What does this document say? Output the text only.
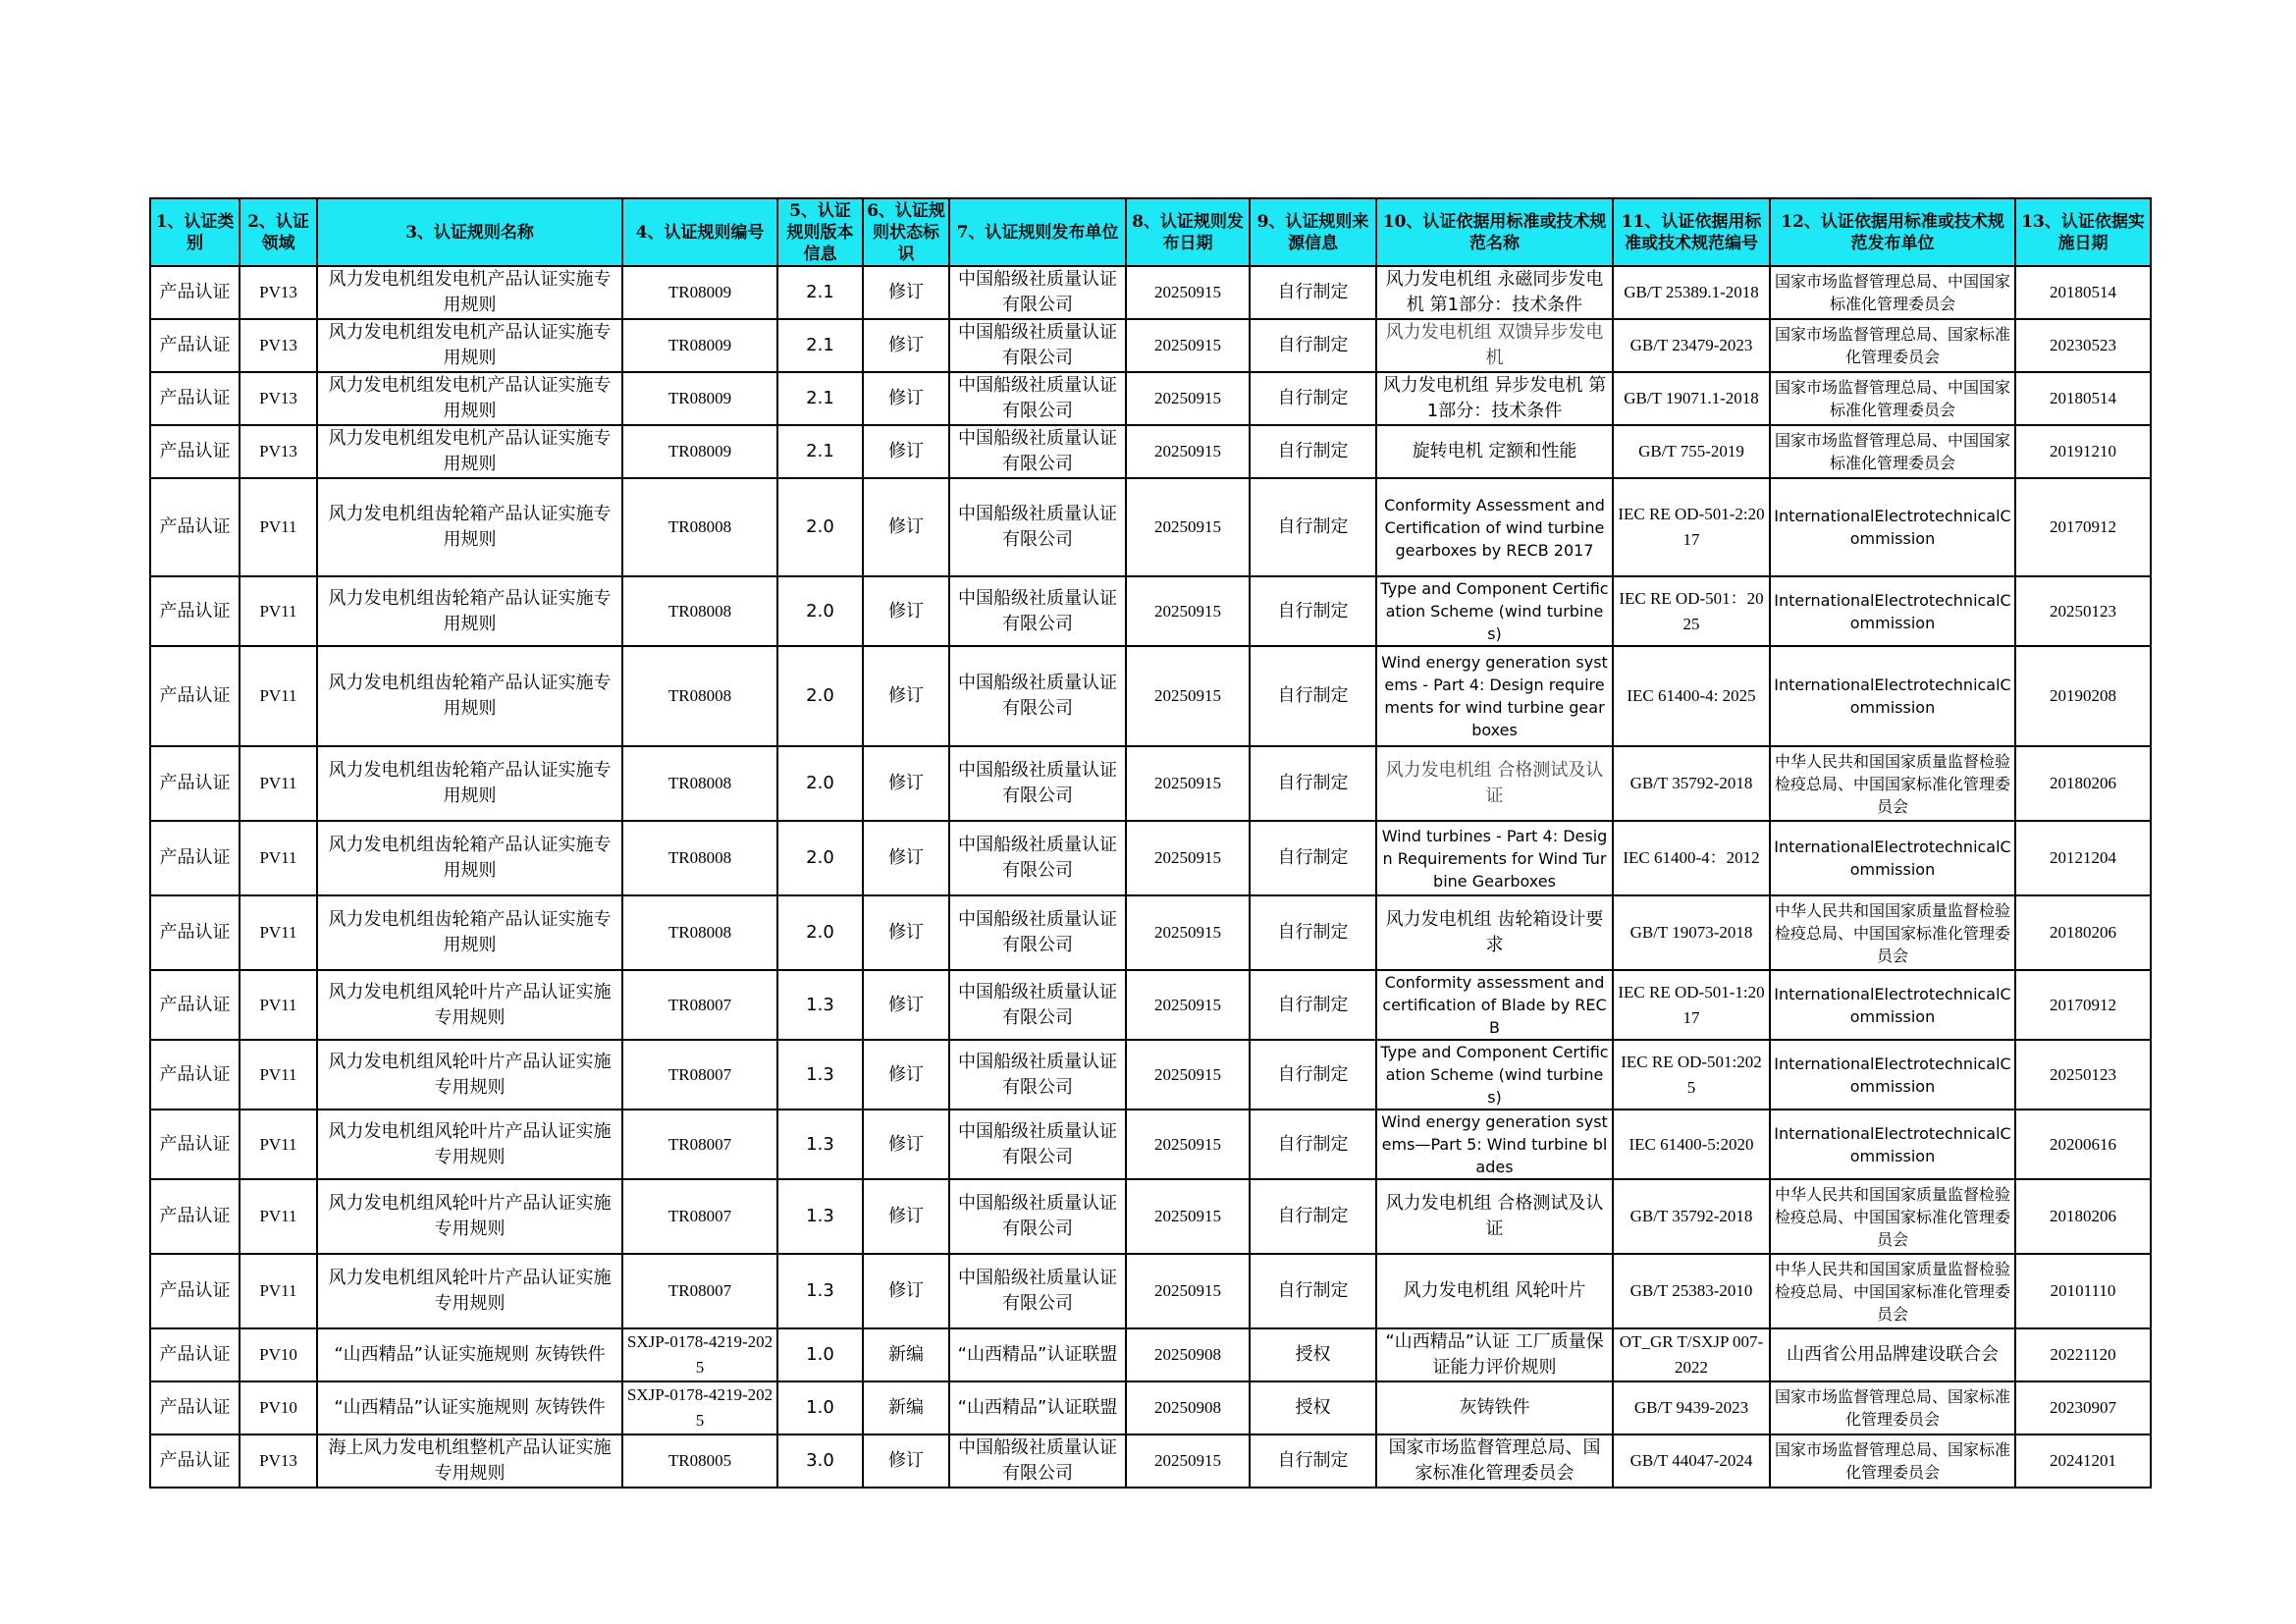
1、认证类别	2、认证领域	3、认证规则名称	4、认证规则编号	5、认证规则版本信息	6、认证规则状态标识	7、认证规则发布单位	8、认证规则发布日期	9、认证规则来源信息	10、认证依据用标准或技术规范名称	11、认证依据用标准或技术规范编号	12、认证依据用标准或技术规范发布单位	13、认证依据实施日期
产品认证	PV13	风力发电机组发电机产品认证实施专用规则	TR08009	2.1	修订	中国船级社质量认证有限公司	20250915	自行制定	风力发电机组 永磁同步发电机 第1部分：技术条件	GB/T 25389.1-2018	国家市场监督管理总局、中国国家标准化管理委员会	20180514
产品认证	PV13	风力发电机组发电机产品认证实施专用规则	TR08009	2.1	修订	中国船级社质量认证有限公司	20250915	自行制定	风力发电机组 双馈异步发电机	GB/T 23479-2023	国家市场监督管理总局、国家标准化管理委员会	20230523
产品认证	PV13	风力发电机组发电机产品认证实施专用规则	TR08009	2.1	修订	中国船级社质量认证有限公司	20250915	自行制定	风力发电机组 异步发电机 第1部分：技术条件	GB/T 19071.1-2018	国家市场监督管理总局、中国国家标准化管理委员会	20180514
产品认证	PV13	风力发电机组发电机产品认证实施专用规则	TR08009	2.1	修订	中国船级社质量认证有限公司	20250915	自行制定	旋转电机 定额和性能	GB/T 755-2019	国家市场监督管理总局、中国国家标准化管理委员会	20191210
产品认证	PV11	风力发电机组齿轮箱产品认证实施专用规则	TR08008	2.0	修订	中国船级社质量认证有限公司	20250915	自行制定	Conformity Assessment and Certification of wind turbine gearboxes by RECB 2017	IEC RE OD-501-2:2017	InternationalElectrotechnicalCommission	20170912
产品认证	PV11	风力发电机组齿轮箱产品认证实施专用规则	TR08008	2.0	修订	中国船级社质量认证有限公司	20250915	自行制定	Type and Component Certification Scheme (wind turbines)	IEC RE OD-501：2025	InternationalElectrotechnicalCommission	20250123
产品认证	PV11	风力发电机组齿轮箱产品认证实施专用规则	TR08008	2.0	修订	中国船级社质量认证有限公司	20250915	自行制定	Wind energy generation systems - Part 4: Design requirements for wind turbine gearboxes	IEC 61400-4: 2025	InternationalElectrotechnicalCommission	20190208
产品认证	PV11	风力发电机组齿轮箱产品认证实施专用规则	TR08008	2.0	修订	中国船级社质量认证有限公司	20250915	自行制定	风力发电机组 合格测试及认证	GB/T 35792-2018	中华人民共和国国家质量监督检验检疫总局、中国国家标准化管理委员会	20180206
产品认证	PV11	风力发电机组齿轮箱产品认证实施专用规则	TR08008	2.0	修订	中国船级社质量认证有限公司	20250915	自行制定	Wind turbines - Part 4: Design Requirements for Wind Turbine Gearboxes	IEC 61400-4：2012	InternationalElectrotechnicalCommission	20121204
产品认证	PV11	风力发电机组齿轮箱产品认证实施专用规则	TR08008	2.0	修订	中国船级社质量认证有限公司	20250915	自行制定	风力发电机组 齿轮箱设计要求	GB/T 19073-2018	中华人民共和国国家质量监督检验检疫总局、中国国家标准化管理委员会	20180206
产品认证	PV11	风力发电机组风轮叶片产品认证实施专用规则	TR08007	1.3	修订	中国船级社质量认证有限公司	20250915	自行制定	Conformity assessment and certification of Blade by RECB	IEC RE OD-501-1:2017	InternationalElectrotechnicalCommission	20170912
产品认证	PV11	风力发电机组风轮叶片产品认证实施专用规则	TR08007	1.3	修订	中国船级社质量认证有限公司	20250915	自行制定	Type and Component Certification Scheme (wind turbines)	IEC RE OD-501:2025	InternationalElectrotechnicalCommission	20250123
产品认证	PV11	风力发电机组风轮叶片产品认证实施专用规则	TR08007	1.3	修订	中国船级社质量认证有限公司	20250915	自行制定	Wind energy generation systems—Part 5: Wind turbine blades	IEC 61400-5:2020	InternationalElectrotechnicalCommission	20200616
产品认证	PV11	风力发电机组风轮叶片产品认证实施专用规则	TR08007	1.3	修订	中国船级社质量认证有限公司	20250915	自行制定	风力发电机组 合格测试及认证	GB/T 35792-2018	中华人民共和国国家质量监督检验检疫总局、中国国家标准化管理委员会	20180206
产品认证	PV11	风力发电机组风轮叶片产品认证实施专用规则	TR08007	1.3	修订	中国船级社质量认证有限公司	20250915	自行制定	风力发电机组 风轮叶片	GB/T 25383-2010	中华人民共和国国家质量监督检验检疫总局、中国国家标准化管理委员会	20101110
产品认证	PV10	“山西精品”认证实施规则 灰铸铁件	SXJP-0178-4219-2025	1.0	新编	“山西精品”认证联盟	20250908	授权	“山西精品”认证 工厂质量保证能力评价规则	OT_GR T/SXJP 007-2022	山西省公用品牌建设联合会	20221120
产品认证	PV10	“山西精品”认证实施规则 灰铸铁件	SXJP-0178-4219-2025	1.0	新编	“山西精品”认证联盟	20250908	授权	灰铸铁件	GB/T 9439-2023	国家市场监督管理总局、国家标准化管理委员会	20230907
产品认证	PV13	海上风力发电机组整机产品认证实施专用规则	TR08005	3.0	修订	中国船级社质量认证有限公司	20250915	自行制定	国家市场监督管理总局、国家标准化管理委员会	GB/T 44047-2024	国家市场监督管理总局、国家标准化管理委员会	20241201
